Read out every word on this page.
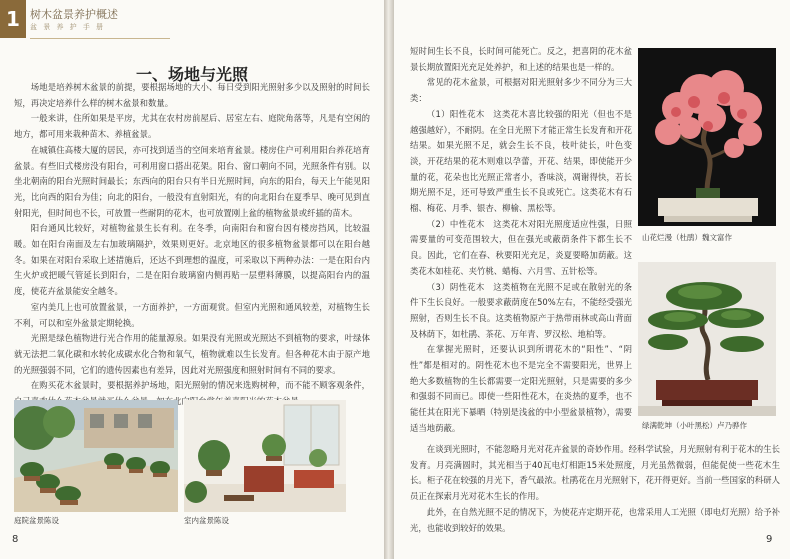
1 树木盆景养护概述
盆 景 养 护 手 册
一、场地与光照

场地是培养树木盆景的前提，要根据场地的大小、每日受到阳光照射多少以及照射的时间长短，再决定培养什么样的树木盆景和数量。

一般来讲，住所如果是平房，尤其在农村房前屋后、居室左右、庭院角落等，凡是有空闲的地方，都可用来栽种苗木、养植盆景。

在城镇住高楼大厦的居民，亦可找到适当的空间来培育盆景。楼房住户可利用阳台养花培育盆景。有些旧式楼房没有阳台，可利用窗口搭出花架。阳台、窗口朝向不同，光照条件有别。以坐北朝南的阳台光照时间最长；东西向的阳台只有半日光照时间，向东的阳台，每天上午能见阳光，比向西的阳台为佳；向北的阳台，一般没有直射阳光，有的向北阳台在夏季早、晚可见到直射阳光，但时间也不长，可放置一些耐阴的花木，也可放置刚上盆的植物盆景或纤插的苗木。

阳台通风比较好，对植物盆景生长有利。在冬季，向南阳台和窗台因有楼房挡风，比较温暖。如在阳台南面及左右加玻璃隔护，效果则更好。北京地区的很多植物盆景都可以在阳台越冬。如果在对阳台采取上述措施后，还达不到理想的温度，可采取以下两种办法：一是在阳台内生火炉或把暖气管延长到阳台，二是在阳台玻璃窗内侧再贴一层塑料薄膜，以提高阳台内的温度，使花卉盆景能安全越冬。

室内美几上也可放置盆景，一方面养护，一方面观赏。但室内光照和通风较差，对植物生长不利，可以和室外盆景定期轮换。

光照是绿色植物进行光合作用的能量源泉。如果没有光照或光照达不到植物的要求，叶绿体就无法把二氧化碳和水转化成碳水化合物和氧气，植物就难以生长发育。但各种花木由于原产地的光照强弱不同，它们的遗传因素也有差异，因此对光照强度和照射时间有不同的要求。

在购买花木盆景时，要根据养护场地，阳光照射的情况来选购树种，而不能不顾客观条件，

庭院盆景陈设	室内盆景陈设
8

短时间生长不良，长时间可能死亡。反之，把喜阴的花木盆景长期放置阳光充足处养护，和上述的结果也是一样的。

常见的花木盆景，可根据对阳光照射多少不同分为三大类：

（1）阳性花木　这类花木喜比较强的阳光（但也不是越强越好），不耐阴。在全日光照下才能正常生长发育和开花结果。如果光照不足，就会生长不良，枝叶徒长，叶色变淡，开花结果的花木则难以孕蕾，开花、结果，即使能开少量的花，花朵也比光照正常者小，香味淡，凋谢得快，若长期光照不足，还可导致严重生长不良或死亡。这类花木有石榴、梅花、月季、银杏、柳榆、黑松等。

（2）中性花木　这类花木对阳光照度适应性强，日照需要量的可变范围较大，但在强光或蔽荫条件下都生长不良。因此，它们在春、秋要阳光充足，炎夏要略加荫蔽。这类花木如桂花、夹竹桃、蜡梅、六月雪、五针松等。

（3）阴性花木　这类植物在光照不足或在散射光的条件下生长良好。一般要求蔽荫度在50%左右，不能经受强光照射，否则生长不良。这类植物原产于热带雨林或高山背面及林荫下，如杜鹃、茶花、万年青、罗汉松、地柏等。

在掌握光照时，还要认识到所谓花木的“阳性”、“阴性”都是相对的。阴性花木也不是完全不需要阳光，世界上绝大多数植物的生长都需要一定阳光照射，只是需要的多少和强弱不同而已。即使一些阳性花木，在炎热的夏季，也不能任其在阳光下暴晒（特别是浅盆的中小型盆景植物），需要适当地荫蔽。

在谈到光照时，不能忽略月光对花卉盆景的奇妙作用。经科学试验，月光照射有利于花木的生长发育。月亮满圆时，其光相当于40瓦电灯相距15米处照度，月光虽然微弱，但能促使一些花木生长。柜子花在较强的月光下，香气最浓。杜鹃花在月光照射下，花开得更好。当前一些国家的科研人员正在探索月光对花木生长的作用。

此外，在自然光照不足的情况下，为使花卉定期开花，也常采用人工光照（即电灯光照）给予补光，也能收到较好的效果。

山花烂漫（杜鹃）魏文富作
绿满乾坤（小叶黑松）卢乃骅作
9
